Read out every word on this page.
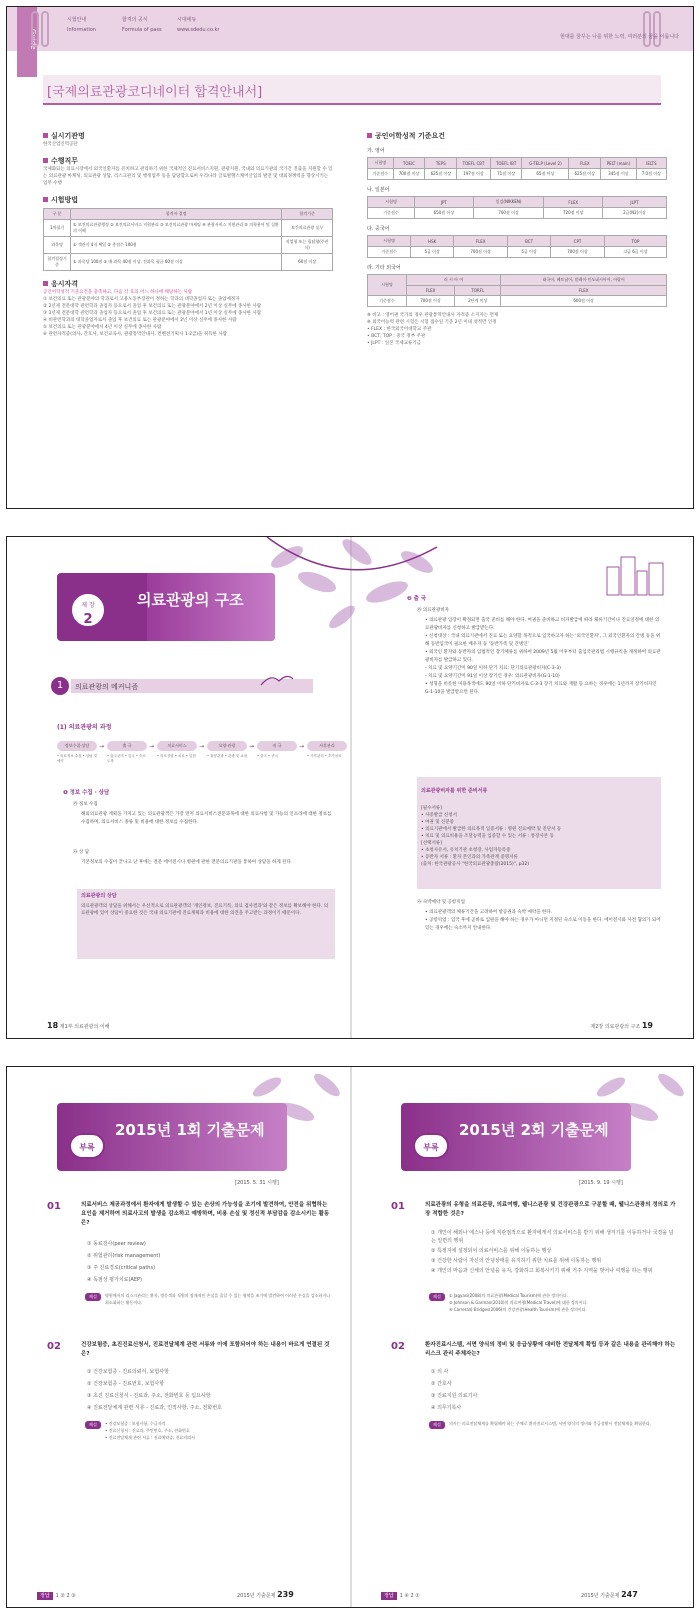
Guide
시험안내
Information
합격의 공식
Formula of pass
시대에듀
www.sdedu.co.kr
현대를 꿈꾸는 나를 위한 노력, 여러분의 꿈을 이룹니다
[국제의료관광코디네이터 합격안내서]
실시기관명
한국산업인력공단
수행직무
국제화되는 의료시장에서 외국인환자를 유치하고 관리하기 위한 국제적인 진료서비스지원, 관광지원, 국내외 의료기관의 국가간 진출을 지원할 수 있는 의료관광 마케팅, 의료관광 상담, 리스크관리 및 행정업무 등을 담당함으로써 우리나라 글로벌헬스케어산업의 발전 및 대외경쟁력을 향상시키는 업무 수행
시험방법
구 분	합격자 결정	합격기준
1차필기	① 보건의료관광행정 ② 보건의료서비스 지원관리 ③ 보건의료관광 마케팅 ④ 관광서비스 지원관리 ⑤ 의학용어 및 질환의 이해	보건의료관광 실무
과목명	① 객관식 4지 택일 ② 총점수 100점	작업형 또는 필답형(주관식)
합격결정기준	① 과목당 100점 ② 매 과목 40점 이상, 전과목 평균 60점 이상	60점 이상
응시자격
공인어학성적 기준요건을 충족하고, 다음 각 호의 어느 하나에 해당하는 사람
① 보건의료 또는 관광분야의 학과로서 고용노동부장관이 정하는 학과의 대학졸업자 또는 졸업예정자
② 2년제 전문대학 관련학과 졸업자 등으로서 졸업 후 보건의료 또는 관광분야에서 2년 이상 실무에 종사한 사람
③ 3년제 전문대학 관련학과 졸업자 등으로서 졸업 후 보건의료 또는 관광분야에서 1년 이상 실무에 종사한 사람
④ 비관련학과의 대학졸업자로서 졸업 후 보건의료 또는 관광분야에서 2년 이상 실무에 종사한 사람
⑤ 보건의료 또는 관광분야에서 4년 이상 실무에 종사한 사람
⑥ 관련자격증(의사, 간호사, 보건교육사, 관광통역안내사, 컨벤션기획사 1·2급)을 취득한 사람
공인어학성적 기준요건
가. 영어
시험명	TOEIC	TEPS	TOEFL CBT	TOEFL IBT	G-TELP (Level 2)	FLEX	PELT (main)	IELTS
기준점수	700점 이상	625점 이상	197점 이상	71점 이상	65점 이상	625점 이상	345점 이상	7.0점 이상
나. 일본어
시험명	JPT	일검(NIKKEN)	FLEX	JLPT
기준점수	650점 이상	700점 이상	720점 이상	2급(N2)이상
다. 중국어
시험명	HSK	FLEX	BCT	CPT	TOP
기준점수	5급 이상	700점 이상	5급 이상	700점 이상	고급 6급 이상
라. 기타 외국어
시험명	러 시 아 어		태국어, 베트남어, 말레이·인도네시아어, 아랍어
	FLEX	TORFL	FLEX
기준점수	700점 이상	2단계 이상	600점 이상
※ 비고 : 영어권 국가의 경우 관광통역안내사 자격증 소지자는 면제
※ 외국어능력 관련 시험은 시험 접수일 기준 2년 이내 성적만 인정
• FLEX : 한국외국어대학교 주관
• BCT, TOP : 중국 정부 주관
• JLPT : 일본 국제교류기금
의료관광의 구조
제 장
2
1	의료관광의 메커니즘
(1) 의료관광의 과정
정보수집·상담	→	출 국	→	의료서비스	→	요양·관광	→	귀 국	→	사후관리
• 의료정보 수집 • 상담 및 예약
• 출국준비 • 입국 • 숙소도착
• 의료상담 • 치료 • 입원	• 휴양관광 • 관광 및 쇼핑	• 출국 • 귀국	• 사후관리 • 추가치료
❶ 정보 수집 · 상담
㉮ 정보 수집
해외의료관광 계획을 가지고 있는 의료관광객은 가장 먼저 의료서비스전문과목에 대한 의료사항 및 가능의 인프라에 대한 정보를 수집하며, 의료서비스 종류 및 비용에 대한 정보를 수집한다.
㉯ 상 담
기본정보의 수집이 끝나고 난 후에는 전문 에이전시나 병원에 관한 전문의료기관을 통하여 상담을 하게 된다.
의료관광의 상담
의료관광객의 상담을 위해서는 우선적으로 의료관광객의 '개인정보, 진료기록, 의료 검사결과'와 같은 정보를 확보해야 한다. 의료관광에 있어 상담이 중요한 것은 국내 의료기관에 진료계획과 비용에 대한 의견을 주고받는 과정이기 때문이다.
18 제1부 의료관광의 이해
❷ 출 국
㉮ 의료관광비자
• 의료관광 입장이 확정되면 출국 준비를 해야 한다. 여권을 준비하고 비자발급에 따라 체류기간이나 진료일정에 대한 의료관광비자를 신청하고 발급받는다.
• 신청대상 : 국내 의료기관에서 진료 또는 요양할 목적으로 입국하고자 하는 '외국인환자', 그 외국인환자의 간병 등을 위해 동반입국이 필요한 배우자 등 '동반가족 및 간병인'
• 외국인 환자와 동반자의 입법적인 장기체류를 위하여 2009년 5월 이후부터 출입국관리법 시행규칙을 개정하여 의료관광비자를 발급하고 있다.
- 치료 및 요양기간이 90일 이하 단기 치료: 단기의료관광비자(C-3-3)
- 치료 및 요양기간이 91일 이상 장기인 경우: 의료관광비자(G-1-10)
• 성형을 비롯한 미용목적에도 90일 이하 단기비자로 C-3-3 장기 치료와 재활 등 요하는 경우에는 1년까지 장기비자인 G-1-10을 발급받으면 된다.

의료관광비자를 위한 준비서류

[필수서류]
• 사증발급 신청서
• 여권 및 신분증
• 의료기관에서 발급한 의료목적 입증서류 : 병원 진료예약 및 진단서 등
• 치료 및 의료비용을 조달능력을 입증할 수 있는 서류 : 통장사본 등
[선택서류]
• 초청사유서, 유치기관 초청장, 사업자등록증
• 동반자 서류 : 환자 본인과의 가족관계 증명서류
(출처: 한국관광공사 "한국의료관광총람(2015)", p32)

㉯ 숙박예약 및 공항픽업
• 의료관광객의 체류기간을 고려하여 항공권과 숙박 예약을 한다.
• 공항픽업 : 입국 후에 곧바로 입원을 해야 하는 경우가 아니면 지정된 숙소로 이동을 한다. 에이전시와 사전 협의가 되어 있는 경우에는 숙소까지 안내한다.
제2장 의료관광의 구조 19
2015년 1회 기출문제
부록
[2015. 5. 31 시행]
01	의료서비스 제공과정에서 환자에게 발생할 수 있는 손상의 가능성을 조기에 발견하여, 안전을 위협하는 요인을 제거하여 의료사고의 발생을 감소하고 예방하며, 비용 손실 및 정신적 부담감을 감소시키는 활동은?
① 동료검사(peer review)
② 위험관리(risk management)
③ 주 진료경로(critical paths)
④ 독점성 평가치료(AEP)
해설	병원에서의 리스크관리는 환자, 방문객과 직원의 잠재적인 손실을 줄일 수 있는 영역을 조기에 발견하여 이러한 손실을 감소하거나 최소화하는 활동이다.
02	건강보험증, 초진진료신청서, 진료전달체계 관련 서류와 이에 포함되어야 하는 내용이 바르게 연결된 것은?
① 건강보험증 - 진료의뢰서, 보험사항
② 건강보험증 - 진료번호, 보험사항
③ 초진 진료신청서 - 진료과, 주소, 전화번호 등 입요사항
④ 진료전달체계 관련 서류 - 진료과, 인적사항, 주소, 전화번호
해설	• 건강보험증 : 보험사항, 수급자격
• 진료신청서 : 진료과, 주민번호, 주소, 전화번호
• 진료전달체계 관련 서류 : 진료예약증, 진료의뢰서
정답 1 ② 2 ③	2015년 기출문제 239
2015년 2회 기출문제
부록
[2015. 9. 19 시행]
01	의료관광의 유형을 의료관광, 의료여행, 웰니스관광 및 건강관광으로 구분할 때, 웰니스관광의 정의로 가장 적합한 것은?
① 개인이 해외나 에스나 등에 직관점적으로 환자에게서 의료서비스를 받기 위해 생겨기를 이동하거나 국경을 넘는 일련의 행위
② 특정지에 설정되어 의료서비스를 위해 이동하는 행상
③ 건강한 사람이 자신의 안녕상태를 유지하기 위한 치료를 위해 이동하는 행위
④ 개인의 마음과 신체의 안녕을 유지, 강화하고 회복시키기 위해 거주 지역을 벗어나 여행을 하는 행위
해설	① Jagyasi(2008)의 의료관광(Medical Tourism)에 관한 정의이다.
② Johnson & Garman(2010)의 의료여행(Medical Travel)에 대한 정의이다.
④ Carrera와 Bridges(2006)의 건강관광(Health Tourism)에 관한 정의이다.
02	환자진료시스템, 서면 양식의 정비 및 응급상황에 대비한 전달체계 확립 등과 같은 내용을 관리해야 하는 리스크 관리 주체자는?
① 의 사
② 간호사
③ 진료지원 의료기사
④ 의무기록사
해설	의사는 의료전달체계를 확립해야 하는 주체로 환자진료시스템, 서면 양식의 정비와 응급상황시 전달체계를 확립한다.
정답 1 ④ 2 ①	2015년 기출문제 247
